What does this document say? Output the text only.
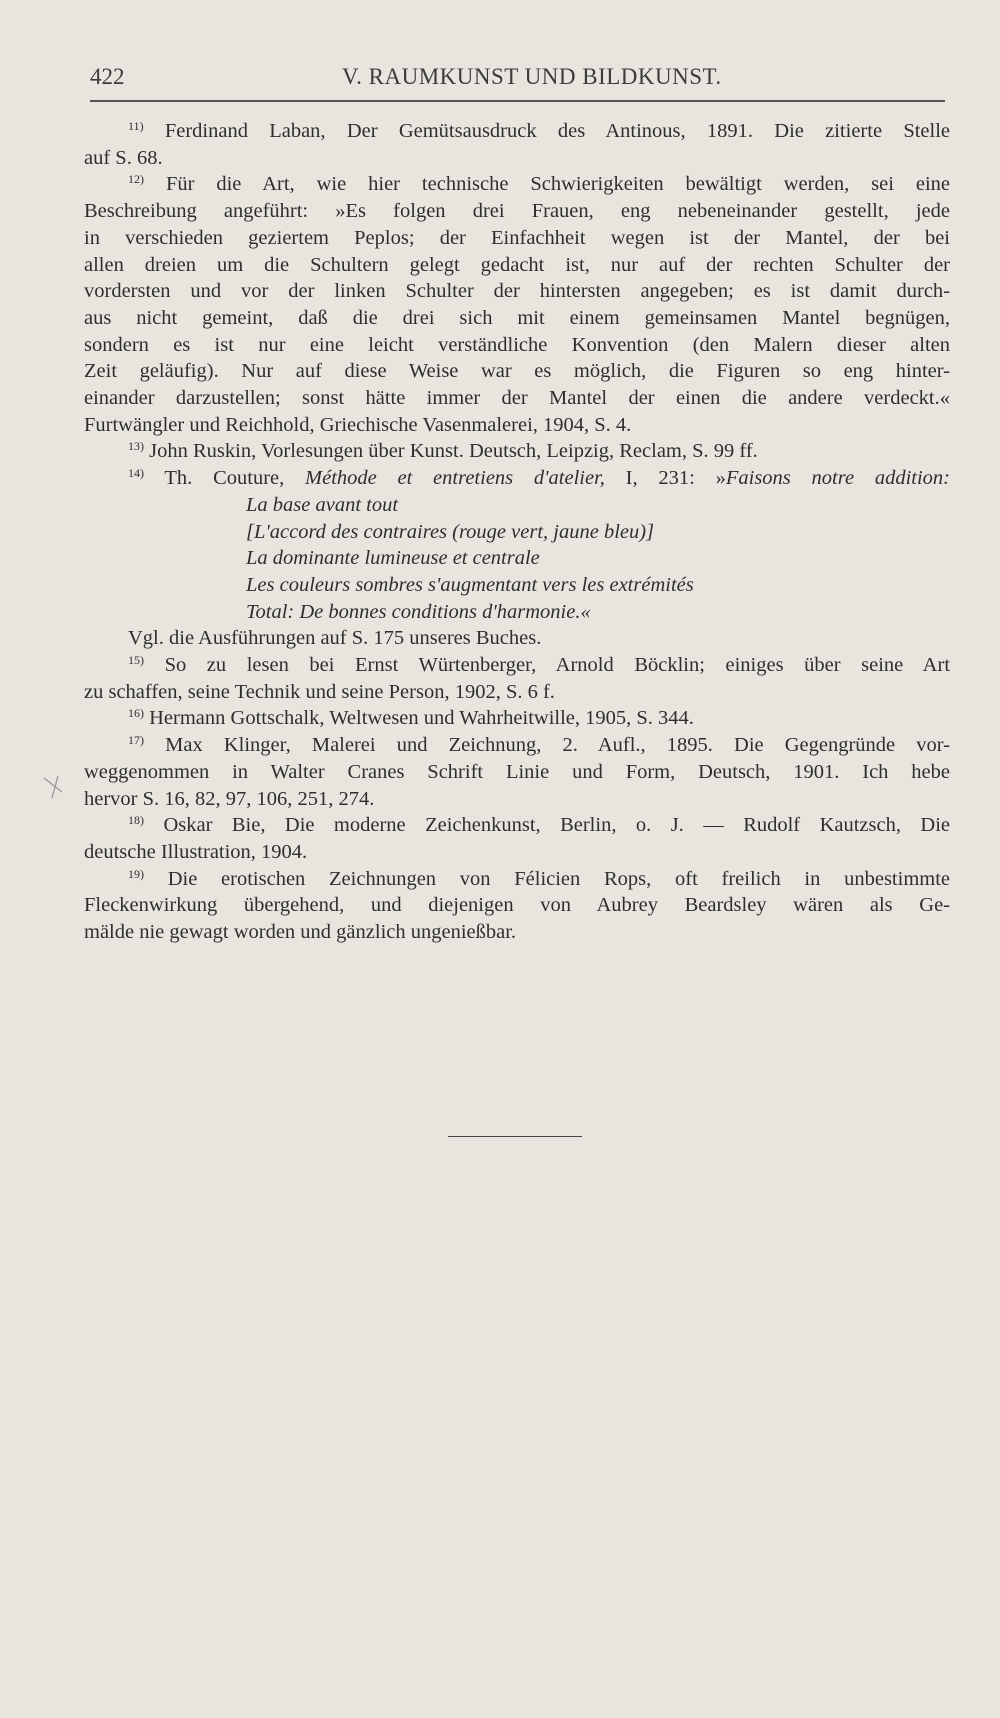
422	V. RAUMKUNST UND BILDKUNST.
$^{11)}$ Ferdinand Laban, Der Gemütsausdruck des Antinous, 1891. Die zitierte Stelle
auf S. 68.
$^{12)}$ Für die Art, wie hier technische Schwierigkeiten bewältigt werden, sei eine
Beschreibung angeführt: »Es folgen drei Frauen, eng nebeneinander gestellt, jede
in verschieden geziertem Peplos; der Einfachheit wegen ist der Mantel, der bei
allen dreien um die Schultern gelegt gedacht ist, nur auf der rechten Schulter der
vordersten und vor der linken Schulter der hintersten angegeben; es ist damit durch-
aus nicht gemeint, daß die drei sich mit einem gemeinsamen Mantel begnügen,
sondern es ist nur eine leicht verständliche Konvention (den Malern dieser alten
Zeit geläufig). Nur auf diese Weise war es möglich, die Figuren so eng hinter-
einander darzustellen; sonst hätte immer der Mantel der einen die andere verdeckt.«
Furtwängler und Reichhold, Griechische Vasenmalerei, 1904, S. 4.
$^{13)}$ John Ruskin, Vorlesungen über Kunst. Deutsch, Leipzig, Reclam, S. 99 ff.
$^{14)}$ Th. Couture, Méthode et entretiens d'atelier, I, 231: »Faisons notre addition:
La base avant tout
[L'accord des contraires (rouge vert, jaune bleu)]
La dominante lumineuse et centrale
Les couleurs sombres s'augmentant vers les extrémités
Total: De bonnes conditions d'harmonie.«
Vgl. die Ausführungen auf S. 175 unseres Buches.
$^{15)}$ So zu lesen bei Ernst Würtenberger, Arnold Böcklin; einiges über seine Art
zu schaffen, seine Technik und seine Person, 1902, S. 6 f.
$^{16)}$ Hermann Gottschalk, Weltwesen und Wahrheitwille, 1905, S. 344.
$^{17)}$ Max Klinger, Malerei und Zeichnung, 2. Aufl., 1895. Die Gegengründe vor-
weggenommen in Walter Cranes Schrift Linie und Form, Deutsch, 1901. Ich hebe
hervor S. 16, 82, 97, 106, 251, 274.
$^{18)}$ Oskar Bie, Die moderne Zeichenkunst, Berlin, o. J. — Rudolf Kautzsch, Die
deutsche Illustration, 1904.
$^{19)}$ Die erotischen Zeichnungen von Félicien Rops, oft freilich in unbestimmte
Fleckenwirkung übergehend, und diejenigen von Aubrey Beardsley wären als Ge-
mälde nie gewagt worden und gänzlich ungenießbar.
